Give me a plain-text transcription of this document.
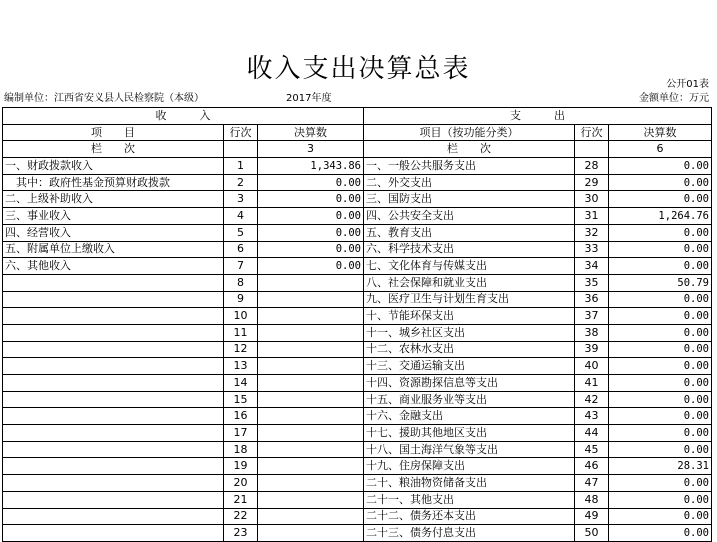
收入支出决算总表
公开01表
编制单位：江西省安义县人民检察院（本级）	2017年度	金额单位：万元
收　　　入			支　　　出		
项　　目	行次	决算数	项目（按功能分类）	行次	决算数
栏　　次		3	栏　　次		6
一、财政拨款收入	1	1,343.86	一、一般公共服务支出	28	0.00
　其中：政府性基金预算财政拨款	2	0.00	二、外交支出	29	0.00
二、上级补助收入	3	0.00	三、国防支出	30	0.00
三、事业收入	4	0.00	四、公共安全支出	31	1,264.76
四、经营收入	5	0.00	五、教育支出	32	0.00
五、附属单位上缴收入	6	0.00	六、科学技术支出	33	0.00
六、其他收入	7	0.00	七、文化体育与传媒支出	34	0.00
	8		八、社会保障和就业支出	35	50.79
	9		九、医疗卫生与计划生育支出	36	0.00
	10		十、节能环保支出	37	0.00
	11		十一、城乡社区支出	38	0.00
	12		十二、农林水支出	39	0.00
	13		十三、交通运输支出	40	0.00
	14		十四、资源勘探信息等支出	41	0.00
	15		十五、商业服务业等支出	42	0.00
	16		十六、金融支出	43	0.00
	17		十七、援助其他地区支出	44	0.00
	18		十八、国土海洋气象等支出	45	0.00
	19		十九、住房保障支出	46	28.31
	20		二十、粮油物资储备支出	47	0.00
	21		二十一、其他支出	48	0.00
	22		二十二、债务还本支出	49	0.00
	23		二十三、债务付息支出	50	0.00
